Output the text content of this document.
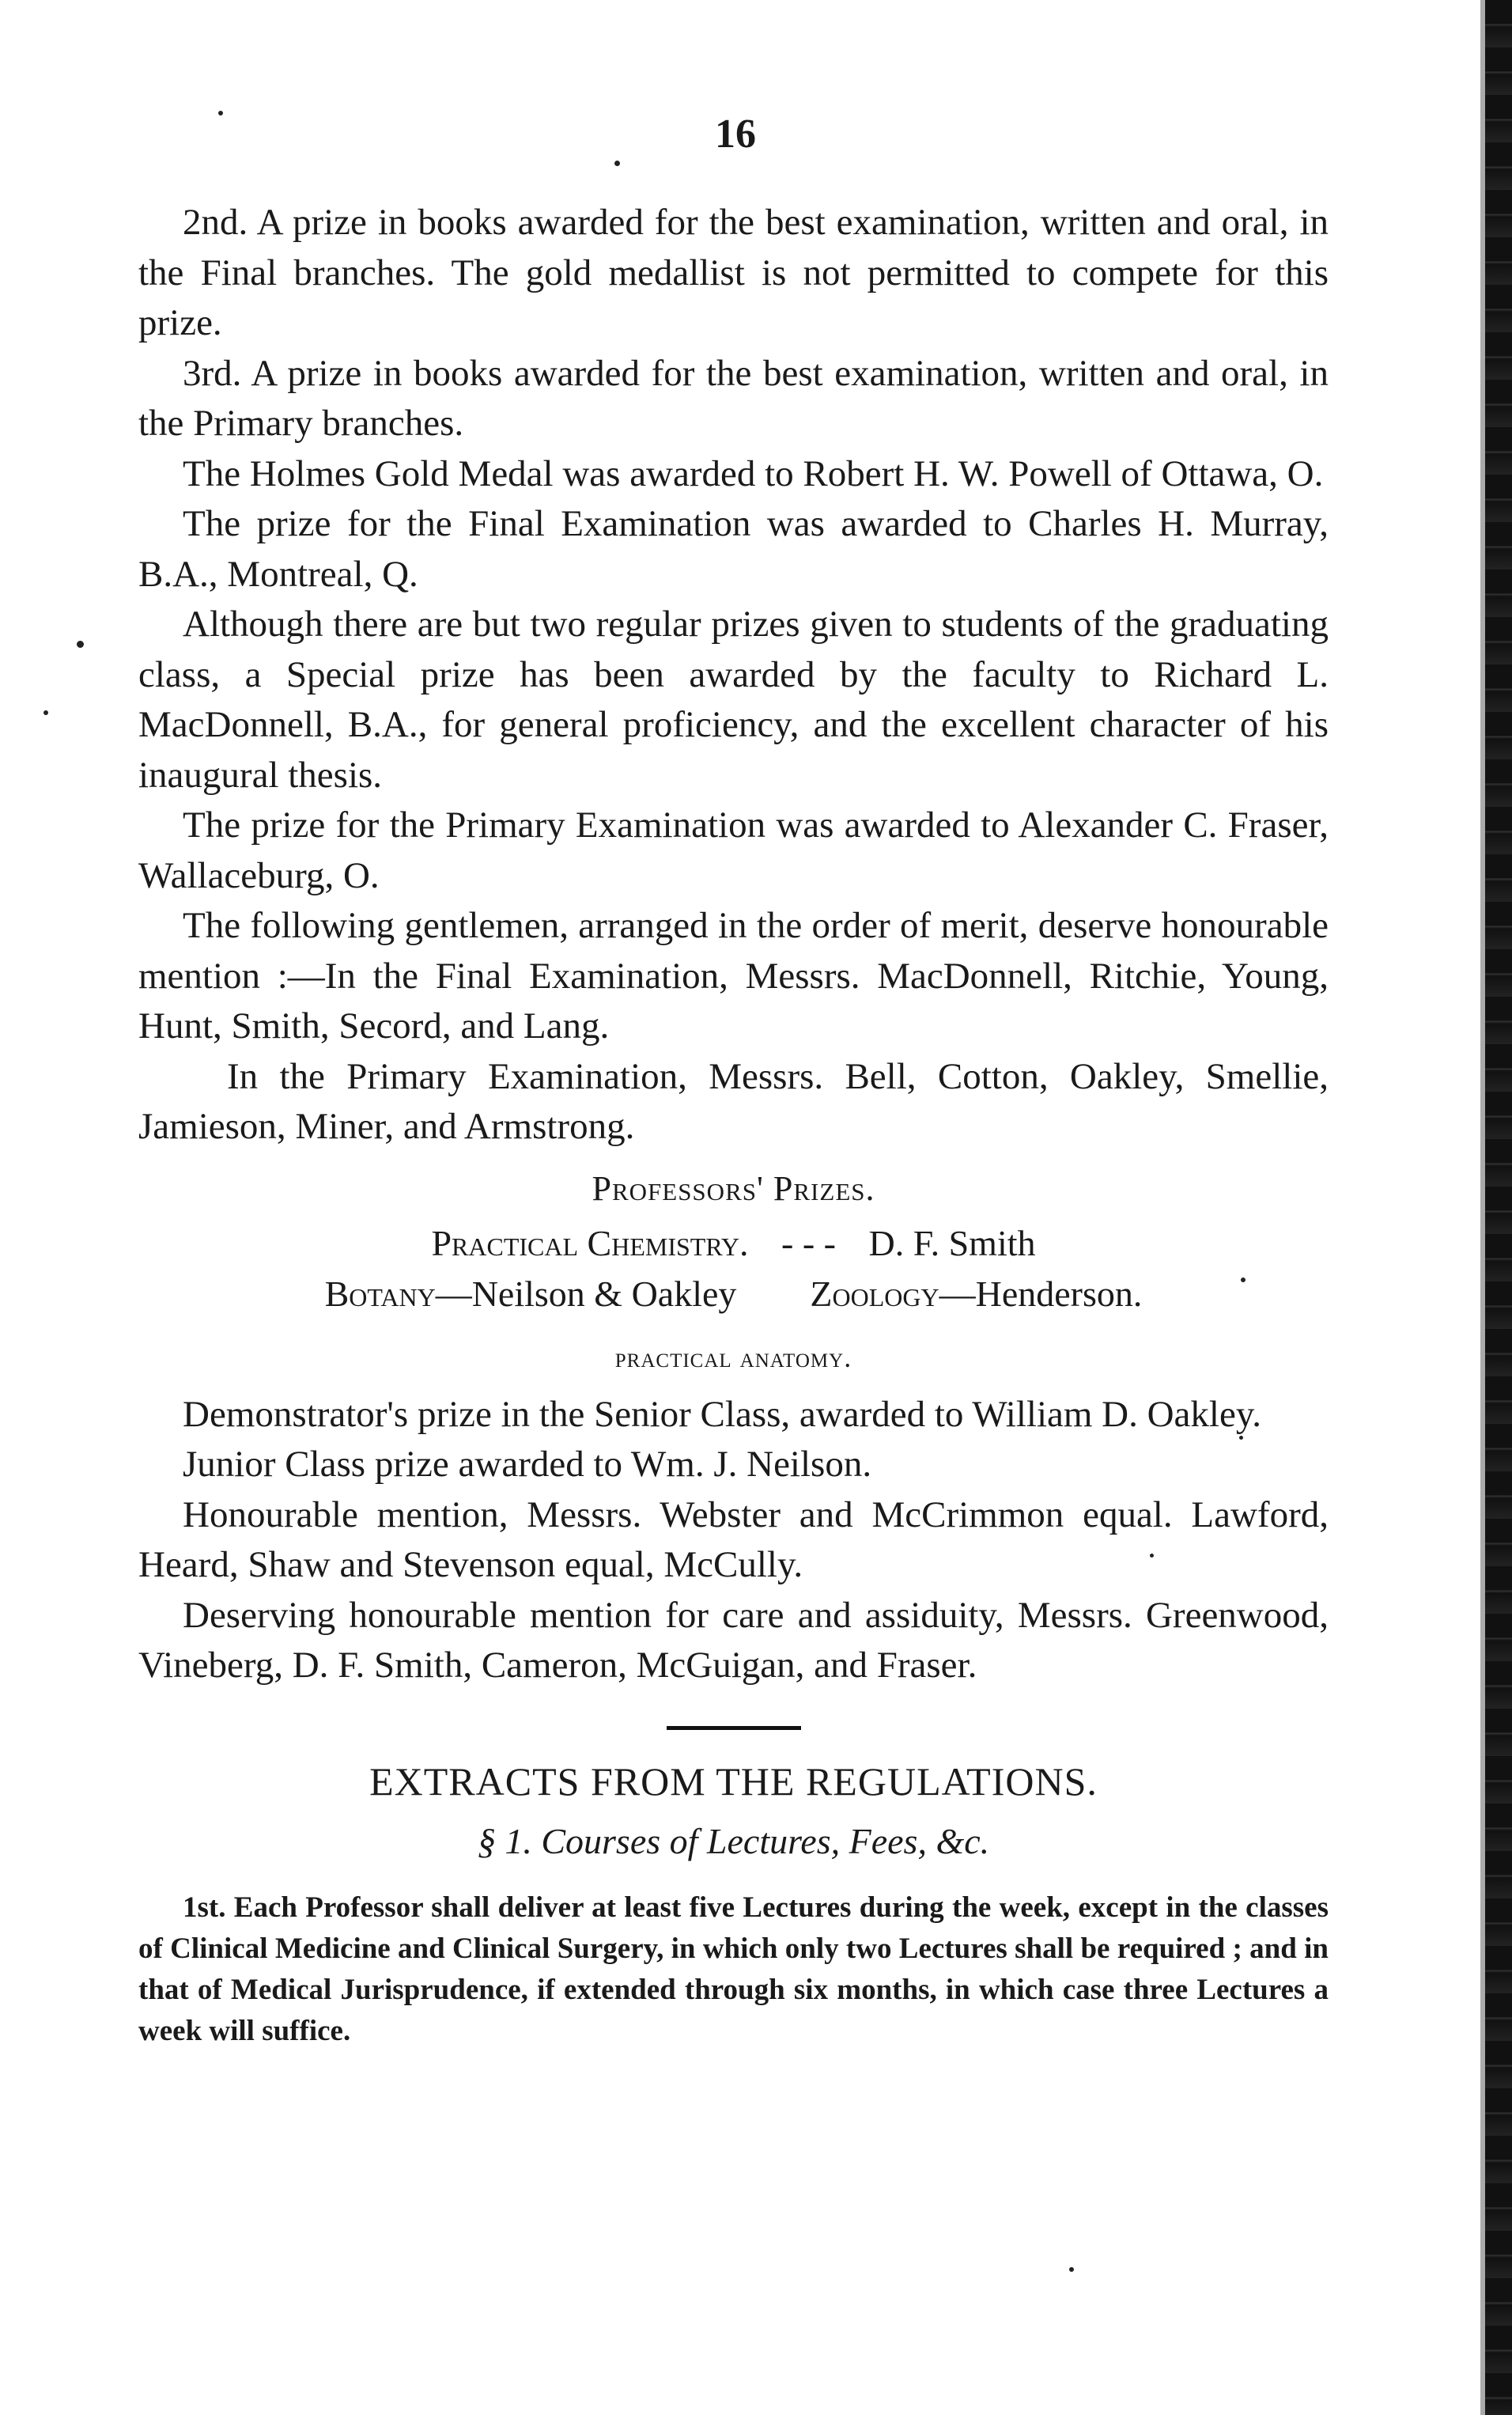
16

2nd. A prize in books awarded for the best examination, written and oral, in the Final branches. The gold medallist is not permitted to compete for this prize.

3rd. A prize in books awarded for the best examination, written and oral, in the Primary branches.

The Holmes Gold Medal was awarded to Robert H. W. Powell of Ottawa, O.

The prize for the Final Examination was awarded to Charles H. Murray, B.A., Montreal, Q.

Although there are but two regular prizes given to students of the graduating class, a Special prize has been awarded by the faculty to Richard L. MacDonnell, B.A., for general proficiency, and the excellent character of his inaugural thesis.

The prize for the Primary Examination was awarded to Alexander C. Fraser, Wallaceburg, O.

The following gentlemen, arranged in the order of merit, deserve honourable mention :—In the Final Examination, Messrs. MacDonnell, Ritchie, Young, Hunt, Smith, Secord, and Lang.

In the Primary Examination, Messrs. Bell, Cotton, Oakley, Smellie, Jamieson, Miner, and Armstrong.

Professors' Prizes.
Practical Chemistry. - - - D. F. Smith
Botany—Neilson & Oakley Zoology—Henderson.
practical anatomy.

Demonstrator's prize in the Senior Class, awarded to William D. Oakley.

Junior Class prize awarded to Wm. J. Neilson.

Honourable mention, Messrs. Webster and McCrimmon equal. Lawford, Heard, Shaw and Stevenson equal, McCully.

Deserving honourable mention for care and assiduity, Messrs. Greenwood, Vineberg, D. F. Smith, Cameron, McGuigan, and Fraser.

EXTRACTS FROM THE REGULATIONS.
§ 1. Courses of Lectures, Fees, &c.

1st. Each Professor shall deliver at least five Lectures during the week, except in the classes of Clinical Medicine and Clinical Surgery, in which only two Lectures shall be required ; and in that of Medical Jurisprudence, if extended through six months, in which case three Lectures a week will suffice.
